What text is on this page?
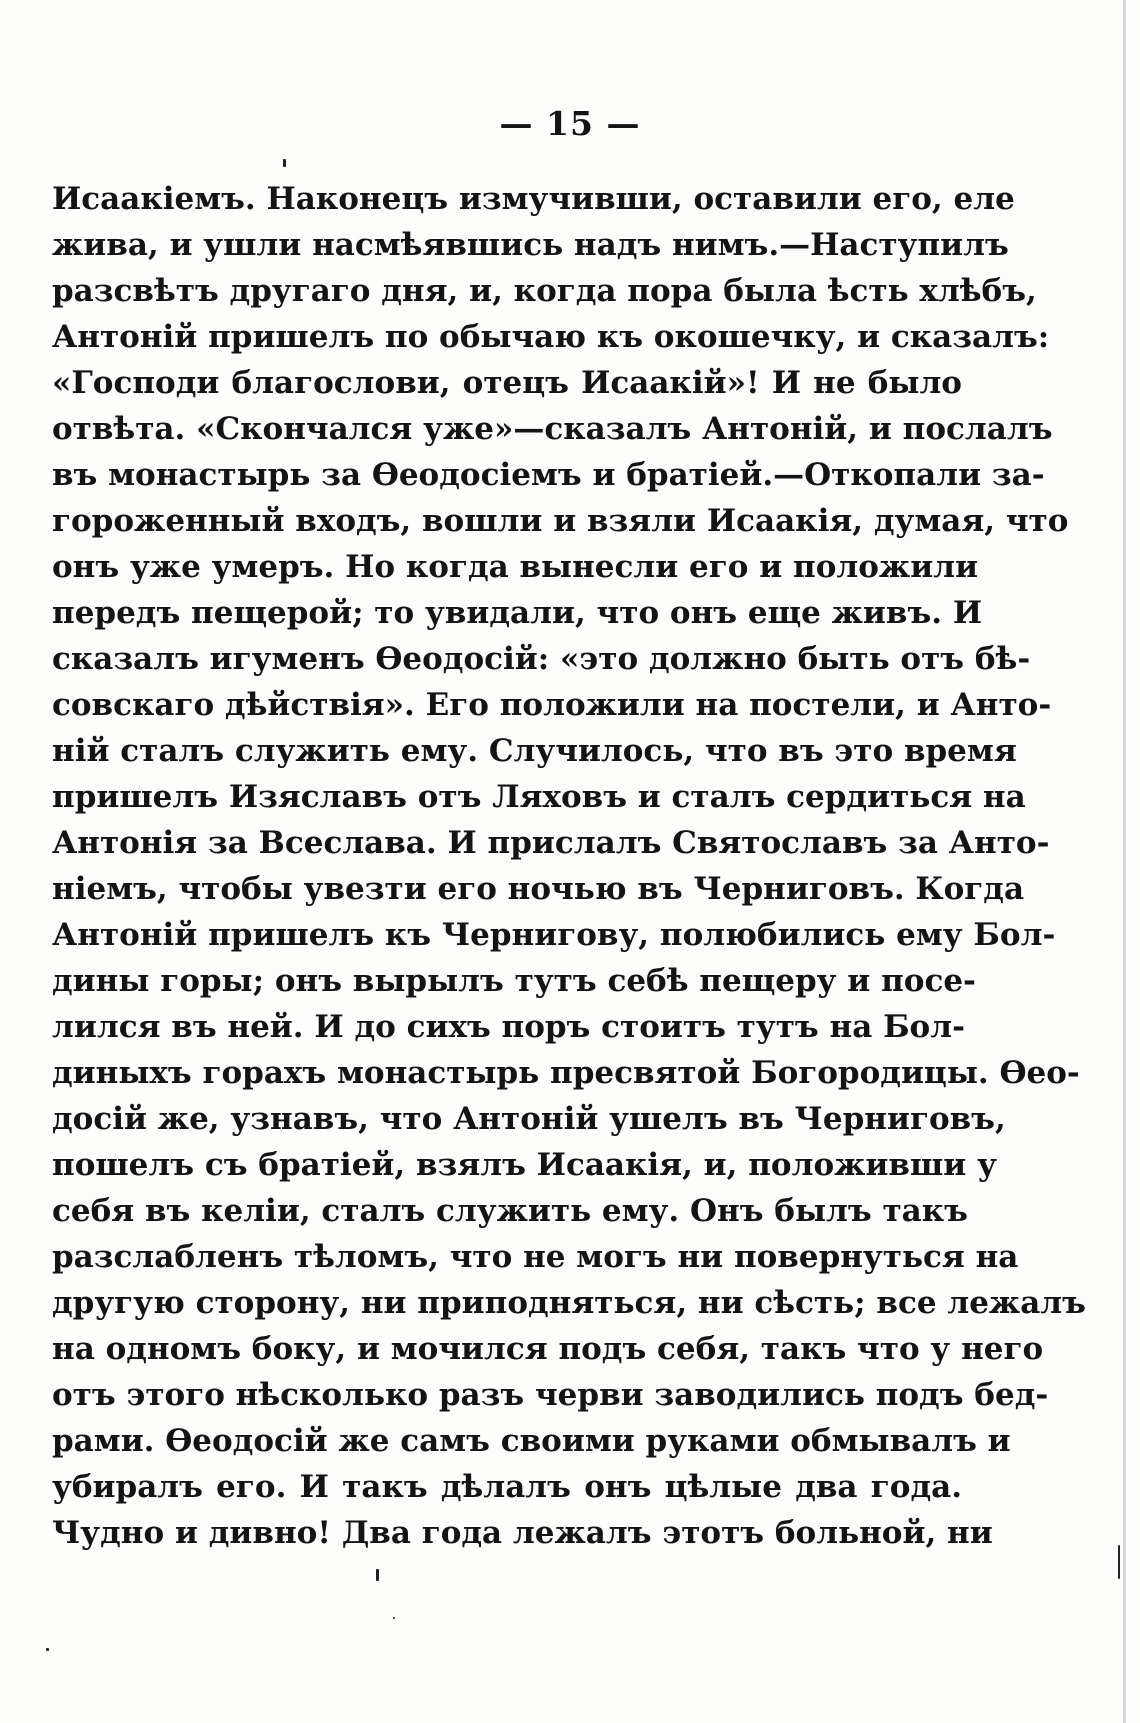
— 15 —
Исаакіемъ. Наконецъ измучивши, оставили его, еле
жива, и ушли насмѣявшись надъ нимъ.—Наступилъ
разсвѣтъ другаго дня, и, когда пора была ѣсть хлѣбъ,
Антоній пришелъ по обычаю къ окошечку, и сказалъ:
«Господи благослови, отецъ Исаакій»! И не было
отвѣта. «Скончался уже»—сказалъ Антоній, и послалъ
въ монастырь за Ѳеодосіемъ и братіей.—Откопали за-
гороженный входъ, вошли и взяли Исаакія, думая, что
онъ уже умеръ. Но когда вынесли его и положили
передъ пещерой; то увидали, что онъ еще живъ. И
сказалъ игуменъ Ѳеодосій: «это должно быть отъ бѣ-
совскаго дѣйствія». Его положили на постели, и Анто-
ній сталъ служить ему. Случилось, что въ это время
пришелъ Изяславъ отъ Ляховъ и сталъ сердиться на
Антонія за Всеслава. И прислалъ Святославъ за Анто-
ніемъ, чтобы увезти его ночью въ Черниговъ. Когда
Антоній пришелъ къ Чернигову, полюбились ему Бол-
дины горы; онъ вырылъ тутъ себѣ пещеру и посе-
лился въ ней. И до сихъ поръ стоитъ тутъ на Бол-
диныхъ горахъ монастырь пресвятой Богородицы. Ѳео-
досій же, узнавъ, что Антоній ушелъ въ Черниговъ,
пошелъ съ братіей, взялъ Исаакія, и, положивши у
себя въ келіи, сталъ служить ему. Онъ былъ такъ
разслабленъ тѣломъ, что не могъ ни повернуться на
другую сторону, ни приподняться, ни сѣсть; все лежалъ
на одномъ боку, и мочился подъ себя, такъ что у него
отъ этого нѣсколько разъ черви заводились подъ бед-
рами. Ѳеодосій же самъ своими руками обмывалъ и
убиралъ его. И такъ дѣлалъ онъ цѣлые два года.
Чудно и дивно! Два года лежалъ этотъ больной, ни
